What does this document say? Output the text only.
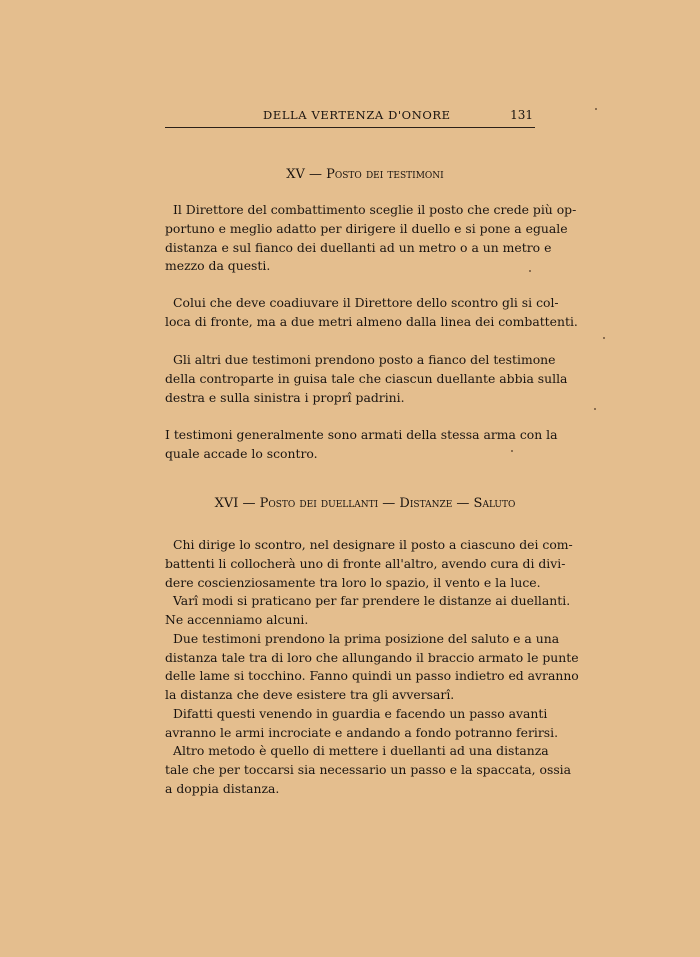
DELLA VERTENZA D'ONORE	131
XV — Posto dei testimoni
Il Direttore del combattimento sceglie il posto che crede più op-
portuno e meglio adatto per dirigere il duello e si pone a eguale
distanza e sul fianco dei duellanti ad un metro o a un metro e
mezzo da questi.
Colui che deve coadiuvare il Direttore dello scontro gli si col-
loca di fronte, ma a due metri almeno dalla linea dei combattenti.
Gli altri due testimoni prendono posto a fianco del testimone
della controparte in guisa tale che ciascun duellante abbia sulla
destra e sulla sinistra i proprî padrini.
I testimoni generalmente sono armati della stessa arma con la
quale accade lo scontro.
XVI — Posto dei duellanti — Distanze — Saluto
Chi dirige lo scontro, nel designare il posto a ciascuno dei com-
battenti li collocherà uno di fronte all'altro, avendo cura di divi-
dere coscienziosamente tra loro lo spazio, il vento e la luce.
Varî modi si praticano per far prendere le distanze ai duellanti.
Ne accenniamo alcuni.
Due testimoni prendono la prima posizione del saluto e a una
distanza tale tra di loro che allungando il braccio armato le punte
delle lame si tocchino. Fanno quindi un passo indietro ed avranno
la distanza che deve esistere tra gli avversarî.
Difatti questi venendo in guardia e facendo un passo avanti
avranno le armi incrociate e andando a fondo potranno ferirsi.
Altro metodo è quello di mettere i duellanti ad una distanza
tale che per toccarsi sia necessario un passo e la spaccata, ossia
a doppia distanza.
